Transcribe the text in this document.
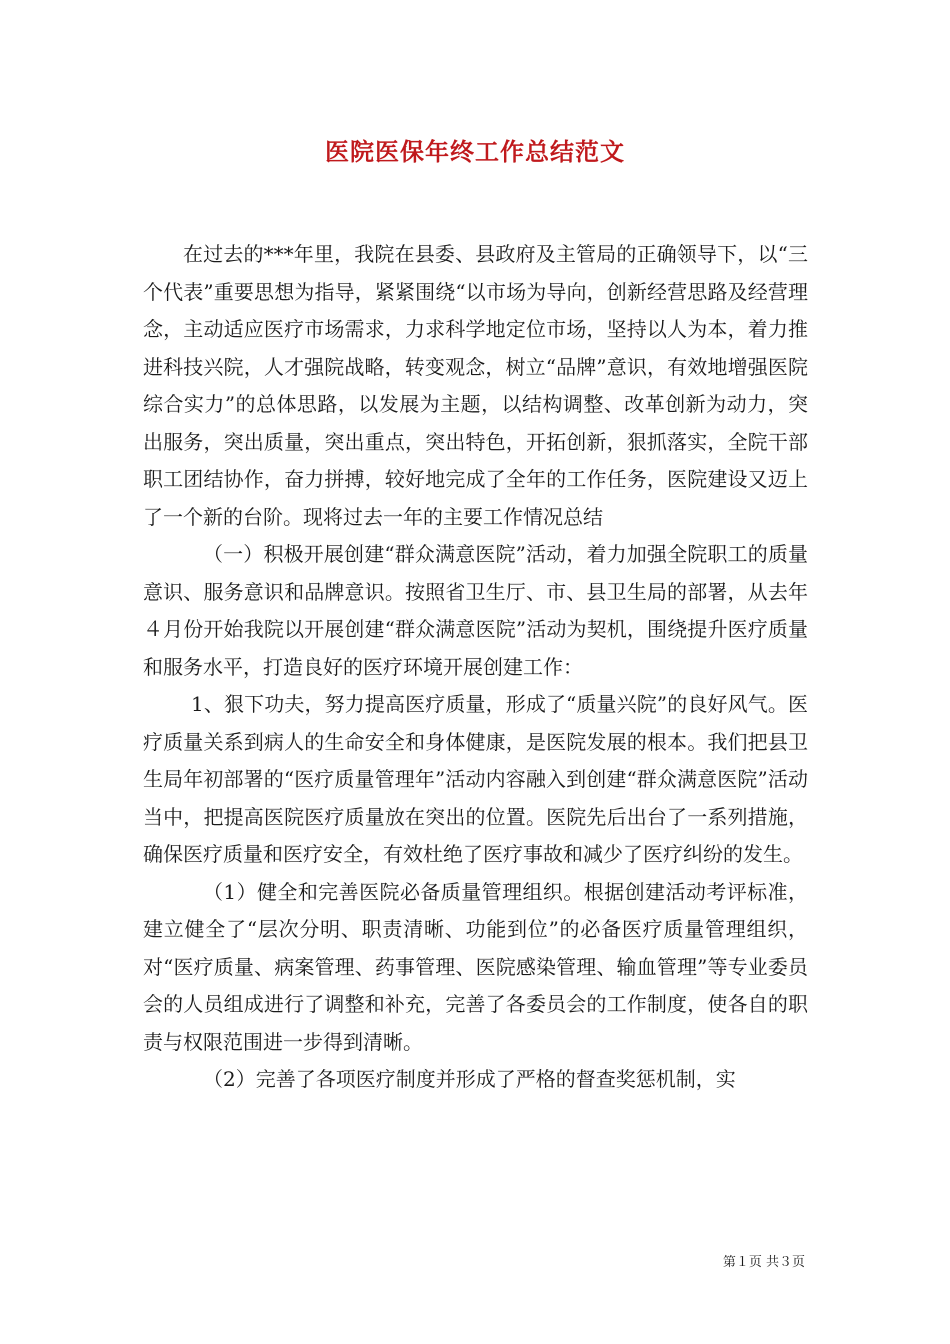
医院医保年终工作总结范文

在过去的***年里，我院在县委、县政府及主管局的正确领导下，以“三个代表”重要思想为指导，紧紧围绕“以市场为导向，创新经营思路及经营理念，主动适应医疗市场需求，力求科学地定位市场，坚持以人为本，着力推进科技兴院，人才强院战略，转变观念，树立“品牌”意识，有效地增强医院综合实力”的总体思路，以发展为主题，以结构调整、改革创新为动力，突出服务，突出质量，突出重点，突出特色，开拓创新，狠抓落实，全院干部职工团结协作，奋力拼搏，较好地完成了全年的工作任务，医院建设又迈上了一个新的台阶。现将过去一年的主要工作情况总结

（一）积极开展创建“群众满意医院”活动，着力加强全院职工的质量意识、服务意识和品牌意识。按照省卫生厅、市、县卫生局的部署，从去年４月份开始我院以开展创建“群众满意医院”活动为契机，围绕提升医疗质量和服务水平，打造良好的医疗环境开展创建工作：

1、狠下功夫，努力提高医疗质量，形成了“质量兴院”的良好风气。医疗质量关系到病人的生命安全和身体健康，是医院发展的根本。我们把县卫生局年初部署的“医疗质量管理年”活动内容融入到创建“群众满意医院”活动当中，把提高医院医疗质量放在突出的位置。医院先后出台了一系列措施，确保医疗质量和医疗安全，有效杜绝了医疗事故和减少了医疗纠纷的发生。

（1）健全和完善医院必备质量管理组织。根据创建活动考评标准，建立健全了“层次分明、职责清晰、功能到位”的必备医疗质量管理组织，对“医疗质量、病案管理、药事管理、医院感染管理、输血管理”等专业委员会的人员组成进行了调整和补充，完善了各委员会的工作制度，使各自的职责与权限范围进一步得到清晰。

（2）完善了各项医疗制度并形成了严格的督查奖惩机制，实

第１页 共３页
